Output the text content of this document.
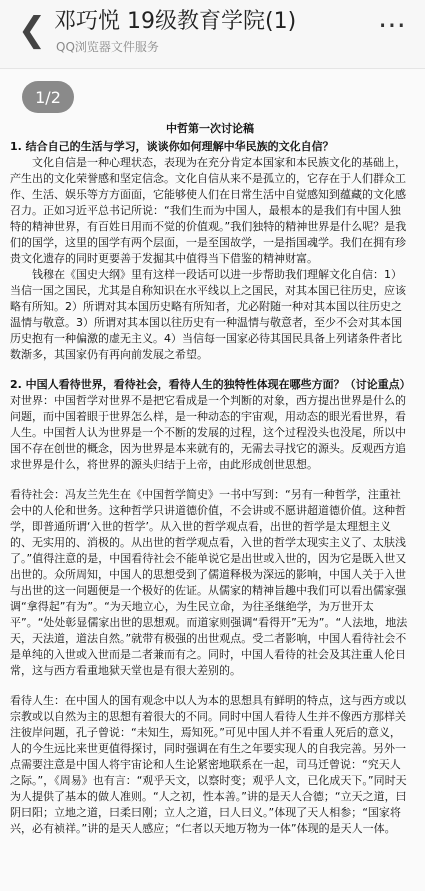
❮ 邓巧悦 19级教育学院(1)
QQ浏览器文件服务
⋯
1/2
中哲第一次讨论稿

1. 结合自己的生活与学习，谈谈你如何理解中华民族的文化自信？

文化自信是一种心理状态，表现为在充分肯定本国家和本民族文化的基础上，产生出的文化荣誉感和坚定信念。文化自信从来不是孤立的，它存在于人们群众工作、生活、娱乐等方方面面，它能够使人们在日常生活中自觉感知到蕴藏的文化感召力。正如习近平总书记所说：“我们生而为中国人，最根本的是我们有中国人独特的精神世界，有百姓日用而不觉的价值观。”我们独特的精神世界是什么呢？是我们的国学，这里的国学有两个层面，一是至国故学，一是指国魂学。我们在拥有珍贵文化遗存的同时更要善于发掘其中值得当下借鉴的精神财富。

钱穆在《国史大纲》里有这样一段话可以进一步帮助我们理解文化自信：1）当信一国之国民，尤其是自称知识在水平线以上之国民，对其本国已往历史，应该略有所知。2）所谓对其本国历史略有所知者，尤必附随一种对其本国以往历史之温情与敬意。3）所谓对其本国以往历史有一种温情与敬意者，至少不会对其本国历史抱有一种偏激的虚无主义。4）当信每一国家必待其国民具备上列诸条件者比数渐多，其国家仍有再向前发展之希望。

2. 中国人看待世界，看待社会，看待人生的独特性体现在哪些方面？（讨论重点）

对世界：中国哲学对世界不是把它看成是一个判断的对象，西方提出世界是什么的问题，而中国着眼于世界怎么样，是一种动态的宇宙观，用动态的眼光看世界，看人生。中国哲人认为世界是一个不断的发展的过程，这个过程没头也没尾，所以中国不存在创世的概念，因为世界是本来就有的，无需去寻找它的源头。反观西方追求世界是什么，将世界的源头归结于上帝，由此形成创世思想。

看待社会：冯友兰先生在《中国哲学简史》一书中写到：“另有一种哲学，注重社会中的人伦和世务。这种哲学只讲道德价值，不会讲或不愿讲超道德价值。这种哲学，即普通所谓‘入世的哲学’。从入世的哲学观点看，出世的哲学是太理想主义的、无实用的、消极的。从出世的哲学观点看，入世的哲学太现实主义了、太肤浅了。”值得注意的是，中国看待社会不能单说它是出世或入世的，因为它是既入世又出世的。众所周知，中国人的思想受到了儒道释极为深远的影响，中国人关于入世与出世的这一问题便是一个极好的佐证。从儒家的精神旨趣中我们可以看出儒家强调“拿得起”有为”。“为天地立心，为生民立命，为往圣继绝学，为万世开太平”。“处处彰显儒家出世的思想观。而道家则强调“看得开”无为”。“人法地，地法天，天法道，道法自然。”就带有极强的出世观点。受二者影响，中国人看待社会不是单纯的入世或入世而是二者兼而有之。同时，中国人看待的社会及其注重人伦日常，这与西方看重地狱天堂也是有很大差别的。

看待人生：在中国人的国有观念中以人为本的思想具有鲜明的特点，这与西方或以宗教或以自然为主的思想有着很大的不同。同时中国人看待人生并不像西方那样关注彼岸问题，孔子曾说：“未知生，焉知死。”可见中国人并不看重人死后的意义，人的今生远比来世更值得探讨，同时强调在有生之年要实现人的自我完善。另外一点需要注意是中国人将宇宙论和人生论紧密地联系在一起，司马迁曾说：“究天人之际。”，《周易》也有言：“观乎天文，以察时变；观乎人文，已化成天下。”同时天为人提供了基本的做人准则。“人之初，性本善。”讲的是天人合德；“立天之道，曰阴曰阳；立地之道，曰柔曰刚；立人之道，曰人曰义。”体现了天人相参；“国家将兴，必有祯祥。”讲的是天人感应；“仁者以天地万物为一体”体现的是天人一体。
